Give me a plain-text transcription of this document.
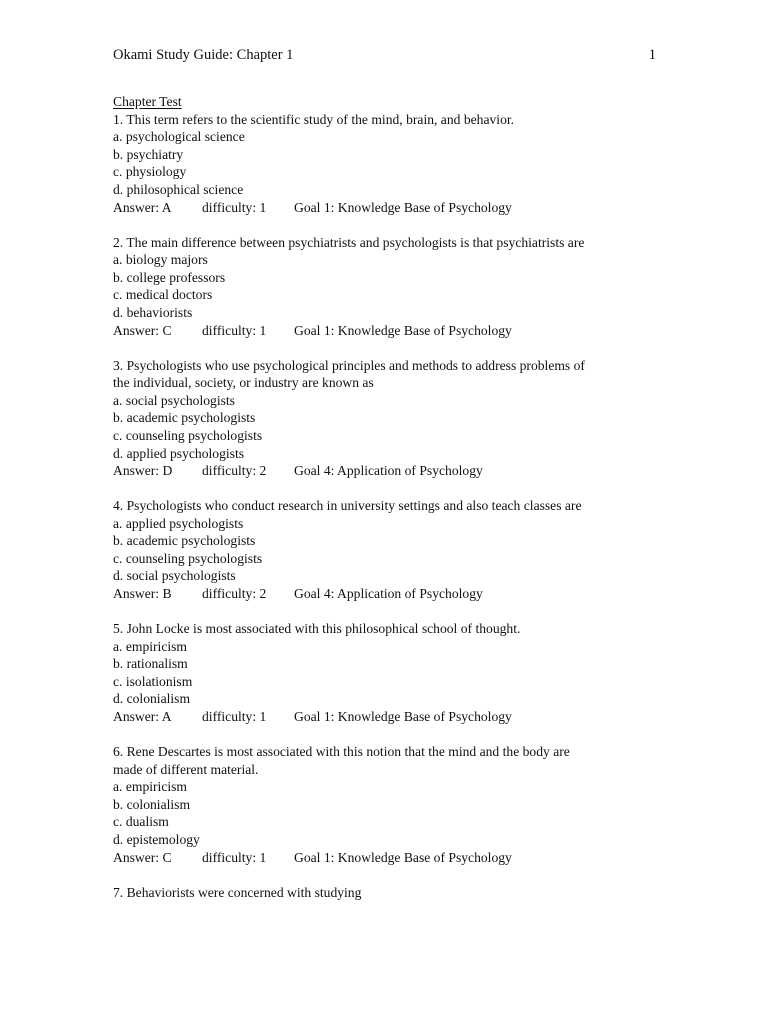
Okami Study Guide: Chapter 1	1
Chapter Test
1. This term refers to the scientific study of the mind, brain, and behavior.
a. psychological science
b. psychiatry
c. physiology
d. philosophical science
Answer: A difficulty: 1 Goal 1: Knowledge Base of Psychology
2. The main difference between psychiatrists and psychologists is that psychiatrists are
a. biology majors
b. college professors
c. medical doctors
d. behaviorists
Answer: C difficulty: 1 Goal 1: Knowledge Base of Psychology
3. Psychologists who use psychological principles and methods to address problems of
the individual, society, or industry are known as
a. social psychologists
b. academic psychologists
c. counseling psychologists
d. applied psychologists
Answer: D difficulty: 2 Goal 4: Application of Psychology
4. Psychologists who conduct research in university settings and also teach classes are
a. applied psychologists
b. academic psychologists
c. counseling psychologists
d. social psychologists
Answer: B difficulty: 2 Goal 4: Application of Psychology
5. John Locke is most associated with this philosophical school of thought.
a. empiricism
b. rationalism
c. isolationism
d. colonialism
Answer: A difficulty: 1 Goal 1: Knowledge Base of Psychology
6. Rene Descartes is most associated with this notion that the mind and the body are
made of different material.
a. empiricism
b. colonialism
c. dualism
d. epistemology
Answer: C difficulty: 1 Goal 1: Knowledge Base of Psychology
7. Behaviorists were concerned with studying
